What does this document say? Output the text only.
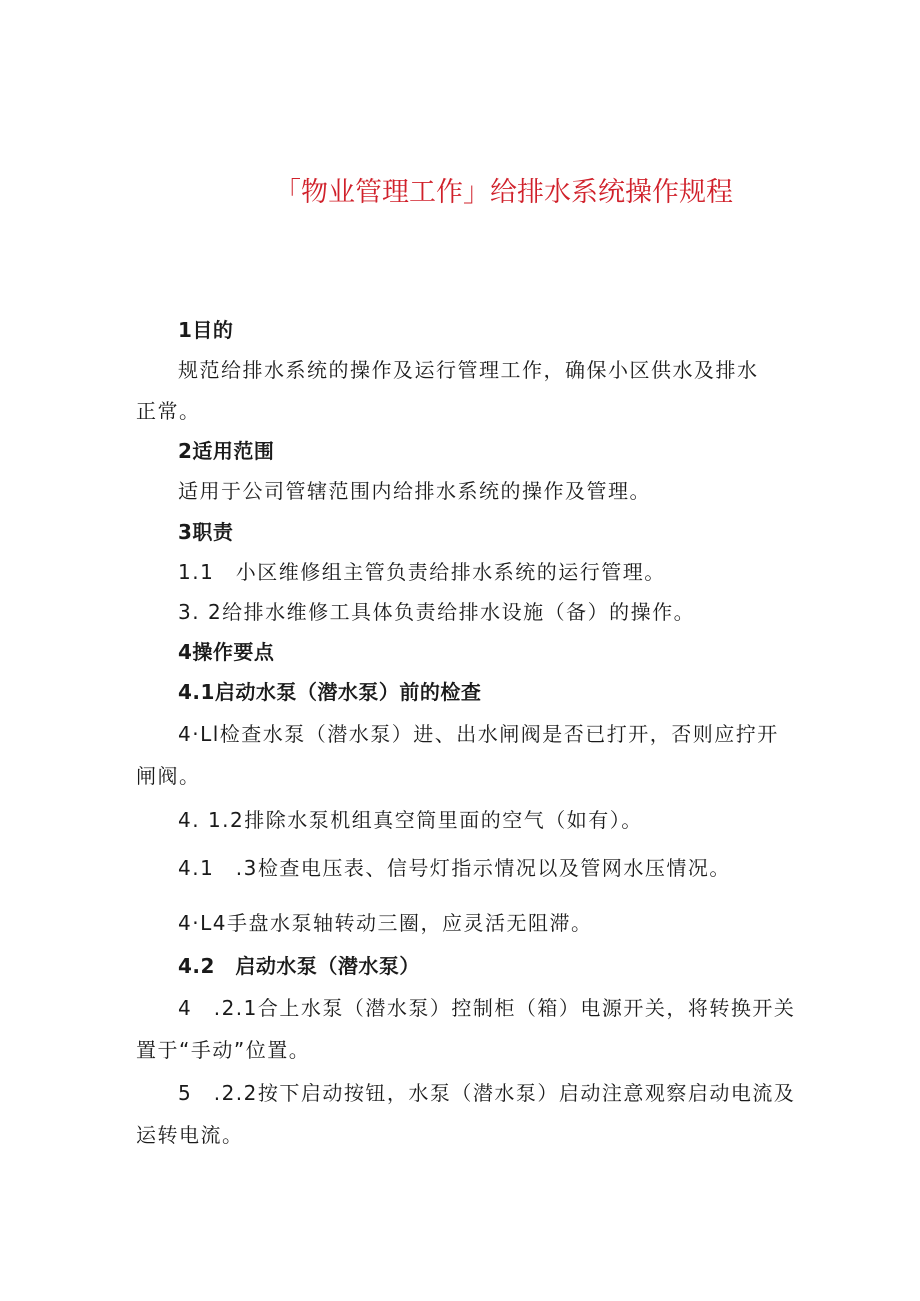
「物业管理工作」给排水系统操作规程

1目的

规范给排水系统的操作及运行管理工作，确保小区供水及排水

正常。

2适用范围

适用于公司管辖范围内给排水系统的操作及管理。

3职责

1.1　小区维修组主管负责给排水系统的运行管理。

3. 2给排水维修工具体负责给排水设施（备）的操作。

4操作要点

4.1启动水泵（潜水泵）前的检查

4·Ll检查水泵（潜水泵）进、出水闸阀是否已打开，否则应拧开

闸阀。

4. 1.2排除水泵机组真空筒里面的空气（如有）。

4.1　.3检查电压表、信号灯指示情况以及管网水压情况。

4·L4手盘水泵轴转动三圈，应灵活无阻滞。

4.2　启动水泵（潜水泵）

4　.2.1合上水泵（潜水泵）控制柜（箱）电源开关，将转换开关

置于“手动”位置。

5　.2.2按下启动按钮，水泵（潜水泵）启动注意观察启动电流及

运转电流。
